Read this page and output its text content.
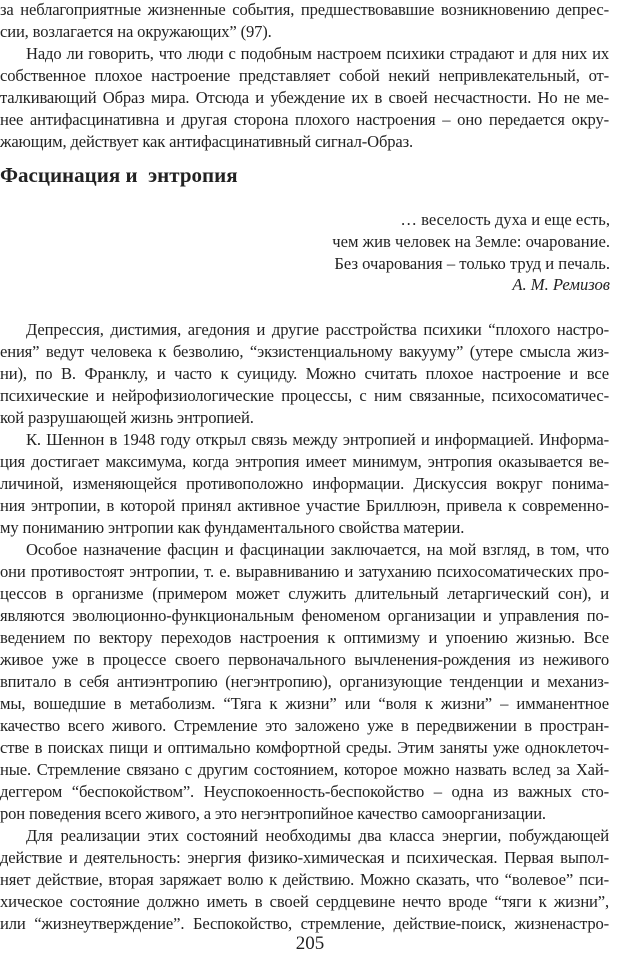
за неблагоприятные жизненные события, предшествовавшие возникновению депрес-
сии, возлагается на окружающих” (97).
Надо ли говорить, что люди с подобным настроем психики страдают и для них их
собственное плохое настроение представляет собой некий непривлекательный, от-
талкивающий Образ мира. Отсюда и убеждение их в своей несчастности. Но не ме-
нее антифасцинативна и другая сторона плохого настроения – оно передается окру-
жающим, действует как антифасцинативный сигнал-Образ.
Фасцинация и  энтропия
… веселость духа и еще есть,
чем жив человек на Земле: очарование.
Без очарования – только труд и печаль.
А. М. Ремизов
Депрессия, дистимия, агедония и другие расстройства психики “плохого настро-
ения” ведут человека к безволию, “экзистенциальному вакууму” (утере смысла жиз-
ни), по В. Франклу, и часто к суициду. Можно считать плохое настроение и все
психические и нейрофизиологические процессы, с ним связанные, психосоматичес-
кой разрушающей жизнь энтропией.
К. Шеннон в 1948 году открыл связь между энтропией и информацией. Информа-
ция достигает максимума, когда энтропия имеет минимум, энтропия оказывается ве-
личиной, изменяющейся противоположно информации. Дискуссия вокруг понима-
ния энтропии, в которой принял активное участие Бриллюэн, привела к современно-
му пониманию энтропии как фундаментального свойства материи.
Особое назначение фасцин и фасцинации заключается, на мой взгляд, в том, что
они противостоят энтропии, т. е. выравниванию и затуханию психосоматических про-
цессов в организме (примером может служить длительный летаргический сон), и
являются эволюционно-функциональным феноменом организации и управления по-
ведением по вектору переходов настроения к оптимизму и упоению жизнью. Все
живое уже в процессе своего первоначального вычленения-рождения из неживого
впитало в себя антиэнтропию (негэнтропию), организующие тенденции и механиз-
мы, вошедшие в метаболизм. “Тяга к жизни” или “воля к жизни” – имманентное
качество всего живого. Стремление это заложено уже в передвижении в простран-
стве в поисках пищи и оптимально комфортной среды. Этим заняты уже одноклеточ-
ные. Стремление связано с другим состоянием, которое можно назвать вслед за Хай-
деггером “беспокойством”. Неуспокоенность-беспокойство – одна из важных сто-
рон поведения всего живого, а это негэнтропийное качество самоорганизации.
Для реализации этих состояний необходимы два класса энергии, побуждающей
действие и деятельность: энергия физико-химическая и психическая. Первая выпол-
няет действие, вторая заряжает волю к действию. Можно сказать, что “волевое” пси-
хическое состояние должно иметь в своей сердцевине нечто вроде “тяги к жизни”,
или “жизнеутверждение”. Беспокойство, стремление, действие-поиск, жизненастро-
205
